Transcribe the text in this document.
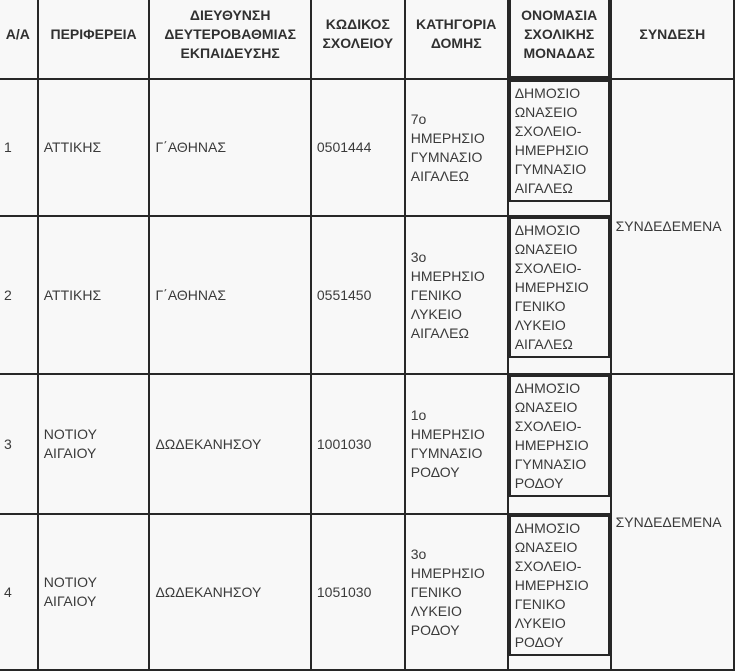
Α/Α	ΠΕΡΙΦΕΡΕΙΑ	ΔΙΕΥΘΥΝΣΗ ΔΕΥΤΕΡΟΒΑΘΜΙΑΣ ΕΚΠΑΙΔΕΥΣΗΣ	ΚΩΔΙΚΟΣ ΣΧΟΛΕΙΟΥ	ΚΑΤΗΓΟΡΙΑ ΔΟΜΗΣ	ΟΝΟΜΑΣΙΑ ΣΧΟΛΙΚΗΣ ΜΟΝΑΔΑΣ	ΣΥΝΔΕΣΗ
1	ΑΤΤΙΚΗΣ	Γ΄ΑΘΗΝΑΣ	0501444	7ο ΗΜΕΡΗΣΙΟ ΓΥΜΝΑΣΙΟ ΑΙΓΑΛΕΩ	ΔΗΜΟΣΙΟ ΩΝΑΣΕΙΟ ΣΧΟΛΕΙΟ-ΗΜΕΡΗΣΙΟ ΓΥΜΝΑΣΙΟ ΑΙΓΑΛΕΩ	ΣΥΝΔΕΔΕΜΕΝΑ
2	ΑΤΤΙΚΗΣ	Γ΄ΑΘΗΝΑΣ	0551450	3ο ΗΜΕΡΗΣΙΟ ΓΕΝΙΚΟ ΛΥΚΕΙΟ ΑΙΓΑΛΕΩ	ΔΗΜΟΣΙΟ ΩΝΑΣΕΙΟ ΣΧΟΛΕΙΟ-ΗΜΕΡΗΣΙΟ ΓΕΝΙΚΟ ΛΥΚΕΙΟ ΑΙΓΑΛΕΩ	

3	ΝΟΤΙΟΥ ΑΙΓΑΙΟΥ	ΔΩΔΕΚΑΝΗΣΟΥ	1001030	1ο ΗΜΕΡΗΣΙΟ ΓΥΜΝΑΣΙΟ ΡΟΔΟΥ	ΔΗΜΟΣΙΟ ΩΝΑΣΕΙΟ ΣΧΟΛΕΙΟ-ΗΜΕΡΗΣΙΟ ΓΥΜΝΑΣΙΟ ΡΟΔΟΥ	ΣΥΝΔΕΔΕΜΕΝΑ
4	ΝΟΤΙΟΥ ΑΙΓΑΙΟΥ	ΔΩΔΕΚΑΝΗΣΟΥ	1051030	3ο ΗΜΕΡΗΣΙΟ ΓΕΝΙΚΟ ΛΥΚΕΙΟ ΡΟΔΟΥ	ΔΗΜΟΣΙΟ ΩΝΑΣΕΙΟ ΣΧΟΛΕΙΟ-ΗΜΕΡΗΣΙΟ ΓΕΝΙΚΟ ΛΥΚΕΙΟ ΡΟΔΟΥ	
